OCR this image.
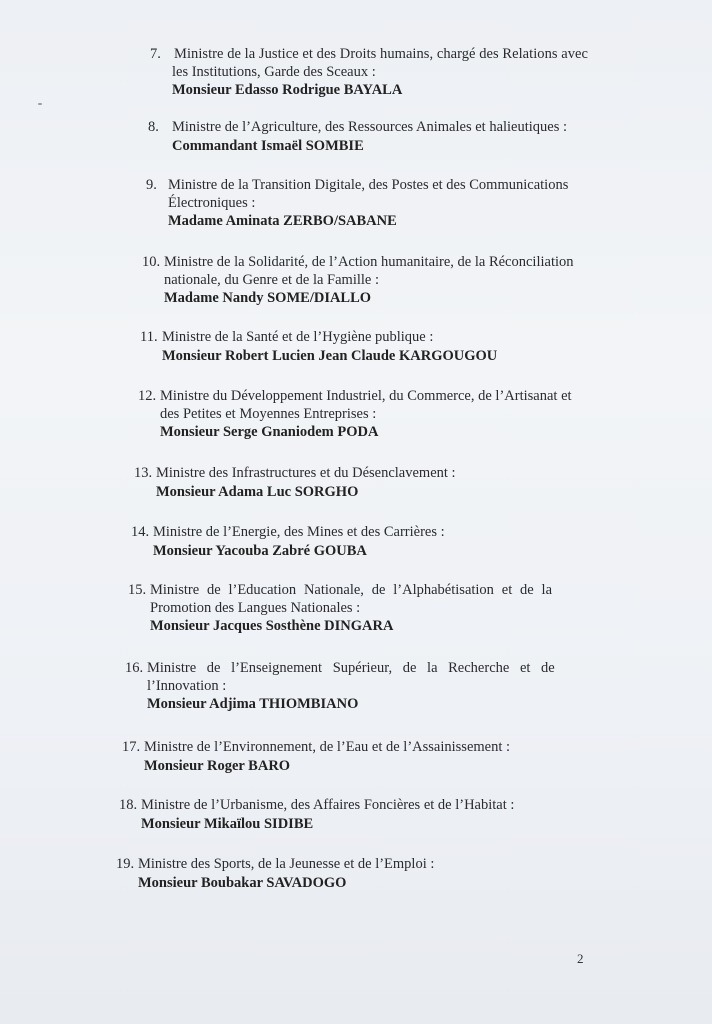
7. Ministre de la Justice et des Droits humains, chargé des Relations avec
les Institutions, Garde des Sceaux :
Monsieur Edasso Rodrigue BAYALA
8. Ministre de l’Agriculture, des Ressources Animales et halieutiques :
Commandant Ismaël SOMBIE
9. Ministre de la Transition Digitale, des Postes et des Communications
Électroniques :
Madame Aminata ZERBO/SABANE
10. Ministre de la Solidarité, de l’Action humanitaire, de la Réconciliation
nationale, du Genre et de la Famille :
Madame Nandy SOME/DIALLO
11. Ministre de la Santé et de l’Hygiène publique :
Monsieur Robert Lucien Jean Claude KARGOUGOU
12. Ministre du Développement Industriel, du Commerce, de l’Artisanat et
des Petites et Moyennes Entreprises :
Monsieur Serge Gnaniodem PODA
13. Ministre des Infrastructures et du Désenclavement :
Monsieur Adama Luc SORGHO
14. Ministre de l’Energie, des Mines et des Carrières :
Monsieur Yacouba Zabré GOUBA
15. Ministre de l’Education Nationale, de l’Alphabétisation et de la
Promotion des Langues Nationales :
Monsieur Jacques Sosthène DINGARA
16. Ministre de l’Enseignement Supérieur, de la Recherche et de
l’Innovation :
Monsieur Adjima THIOMBIANO
17. Ministre de l’Environnement, de l’Eau et de l’Assainissement :
Monsieur Roger BARO
18. Ministre de l’Urbanisme, des Affaires Foncières et de l’Habitat :
Monsieur Mikaïlou SIDIBE
19. Ministre des Sports, de la Jeunesse et de l’Emploi :
Monsieur Boubakar SAVADOGO
2
